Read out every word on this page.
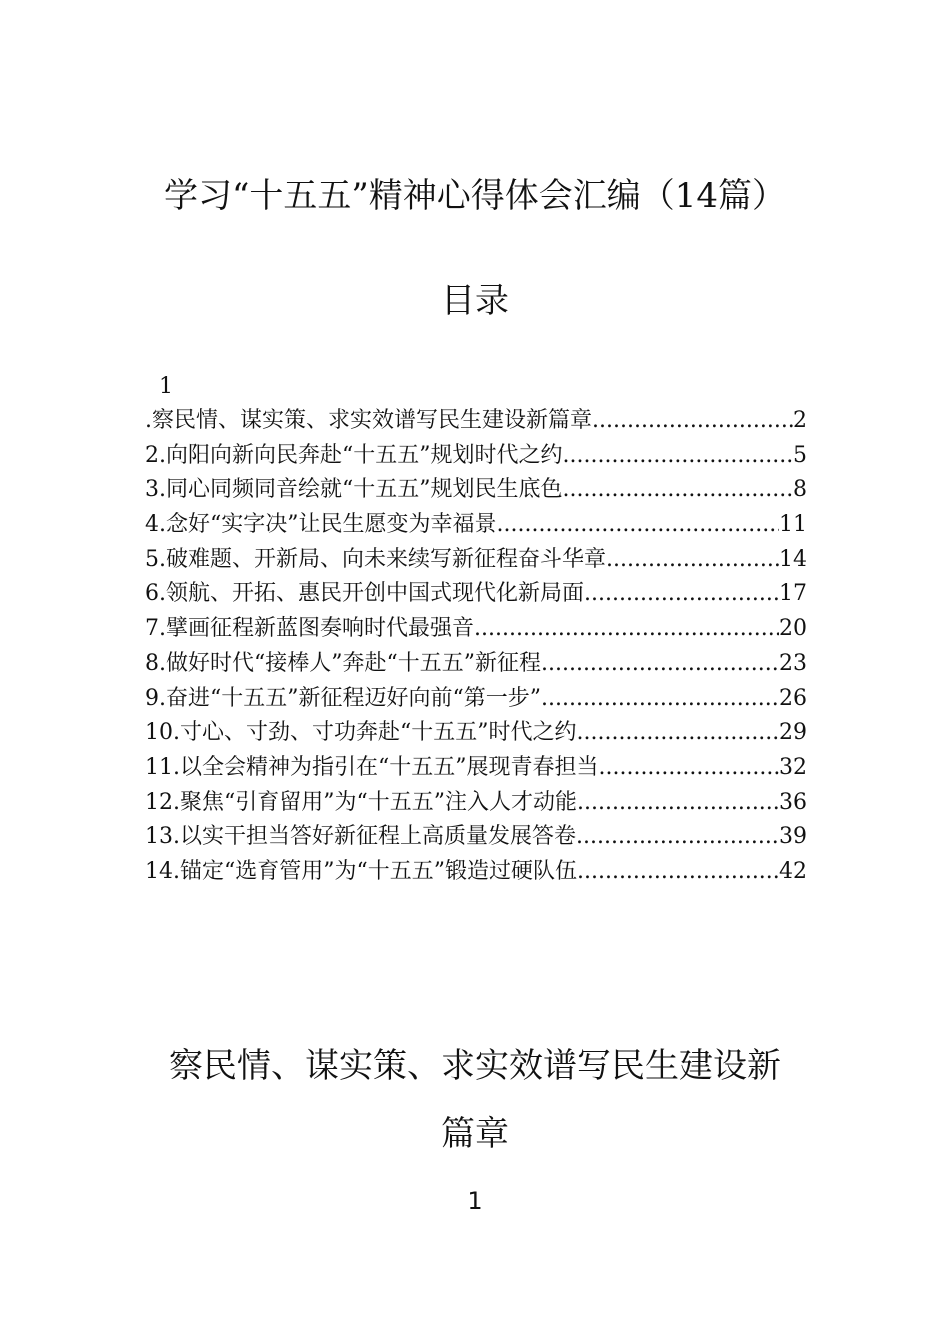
学习“十五五”精神心得体会汇编（14篇）
目录
1
.察民情、谋实策、求实效谱写民生建设新篇章 .....	2
2.向阳向新向民奔赴“十五五”规划时代之约 .....	5
3.同心同频同音绘就“十五五”规划民生底色 .....	8
4.念好“实字决”让民生愿变为幸福景 .....	11
5.破难题、开新局、向未来续写新征程奋斗华章 .....	14
6.领航、开拓、惠民开创中国式现代化新局面 .....	17
7.擘画征程新蓝图奏响时代最强音 .....	20
8.做好时代“接棒人”奔赴“十五五”新征程 .....	23
9.奋进“十五五”新征程迈好向前“第一步” .....	26
10.寸心、寸劲、寸功奔赴“十五五”时代之约 .....	29
11.以全会精神为指引在“十五五”展现青春担当 .....	32
12.聚焦“引育留用”为“十五五”注入人才动能 .....	36
13.以实干担当答好新征程上高质量发展答卷 .....	39
14.锚定“选育管用”为“十五五”锻造过硬队伍 .....	42
察民情、谋实策、求实效谱写民生建设新
篇章
1
